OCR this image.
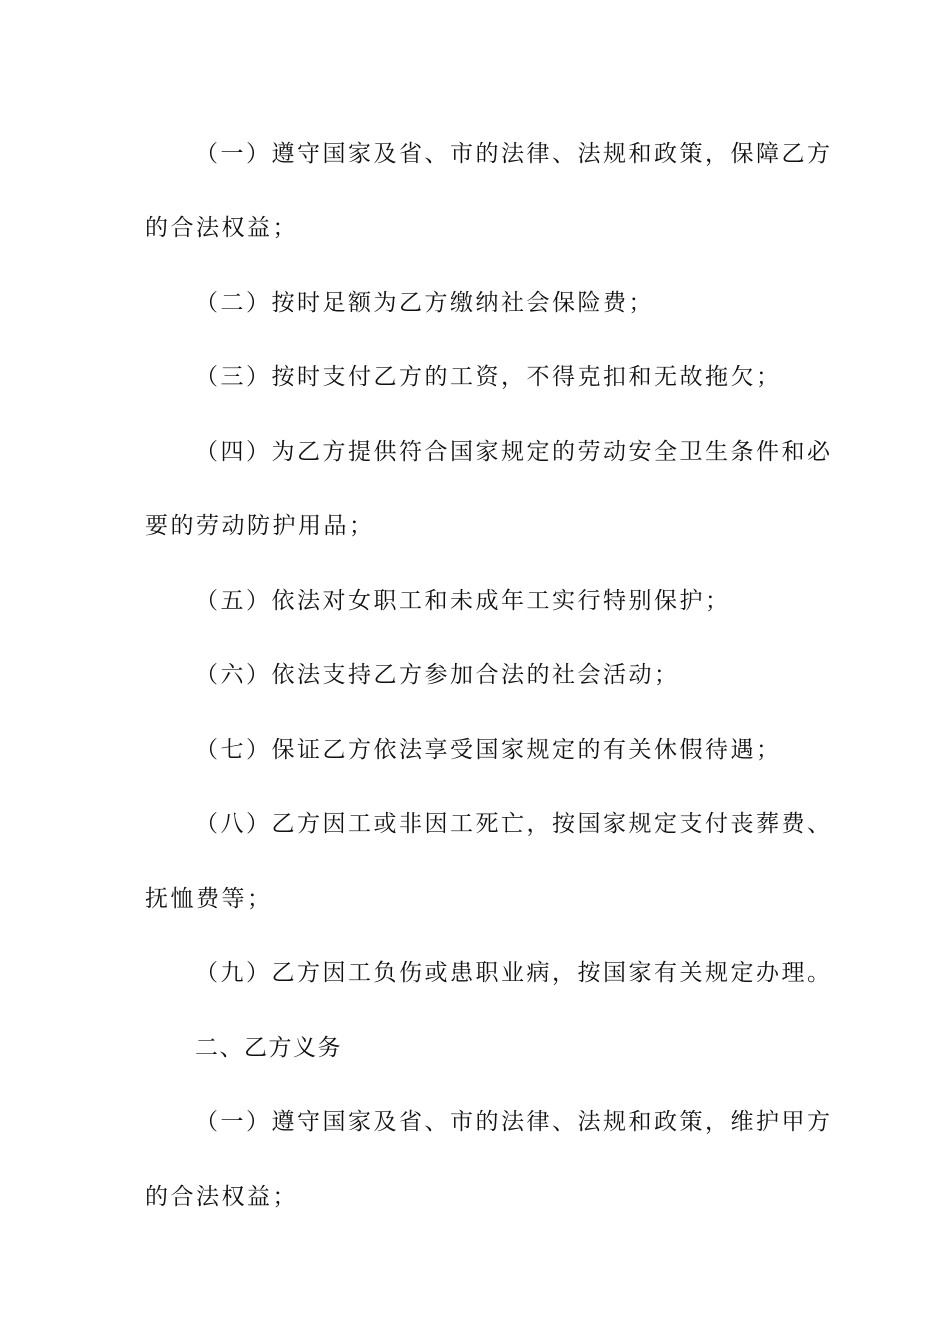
（一）遵守国家及省、市的法律、法规和政策，保障乙方
的合法权益；
（二）按时足额为乙方缴纳社会保险费；
（三）按时支付乙方的工资，不得克扣和无故拖欠；
（四）为乙方提供符合国家规定的劳动安全卫生条件和必
要的劳动防护用品；
（五）依法对女职工和未成年工实行特别保护；
（六）依法支持乙方参加合法的社会活动；
（七）保证乙方依法享受国家规定的有关休假待遇；
（八）乙方因工或非因工死亡，按国家规定支付丧葬费、
抚恤费等；
（九）乙方因工负伤或患职业病，按国家有关规定办理。
二、乙方义务
（一）遵守国家及省、市的法律、法规和政策，维护甲方
的合法权益；
